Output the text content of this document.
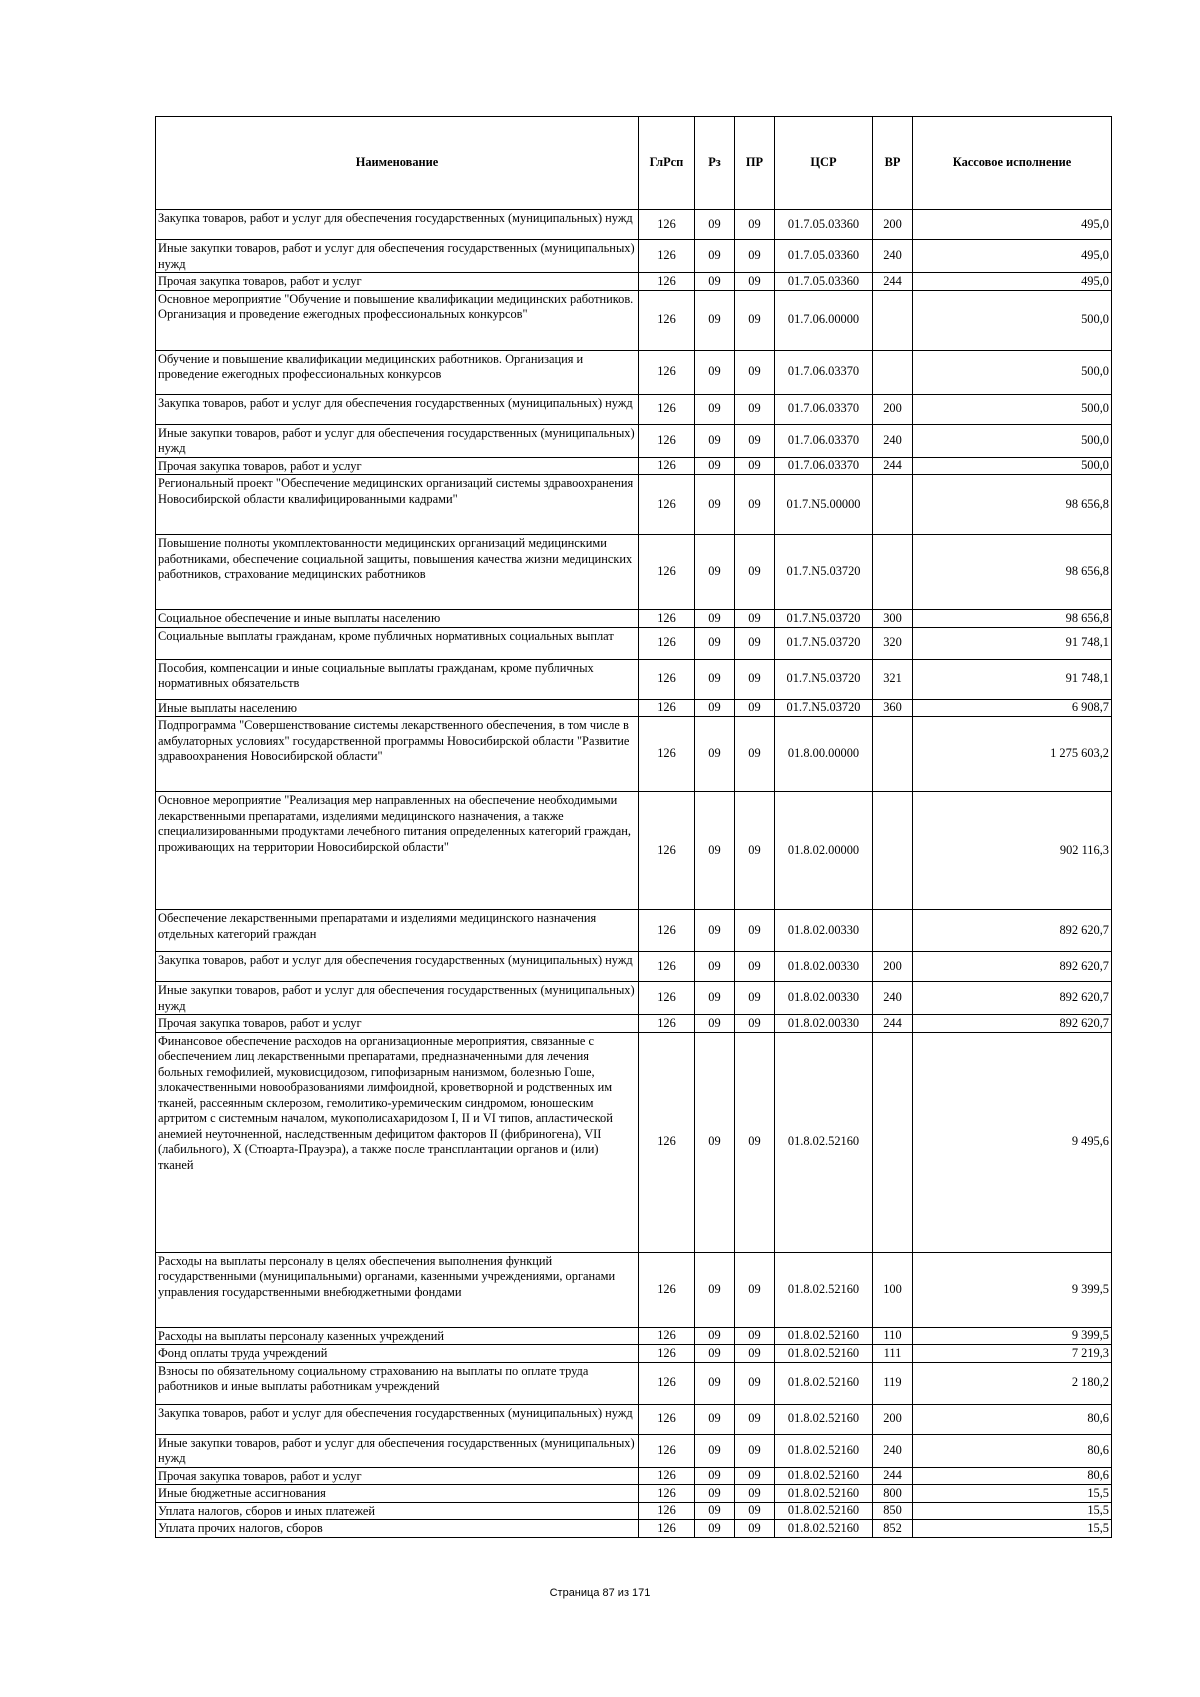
Наименование	ГлРсп	Рз	ПР	ЦСР	ВР	Кассовое исполнение
Закупка товаров, работ и услуг для обеспечения государственных (муниципальных) нужд	126	09	09	01.7.05.03360	200	495,0
Иные закупки товаров, работ и услуг для обеспечения государственных (муниципальных) нужд	126	09	09	01.7.05.03360	240	495,0
Прочая закупка товаров, работ и услуг	126	09	09	01.7.05.03360	244	495,0
Основное мероприятие "Обучение и повышение квалификации медицинских работников. Организация и проведение ежегодных профессиональных конкурсов"	126	09	09	01.7.06.00000		500,0
Обучение и повышение квалификации медицинских работников. Организация и проведение ежегодных профессиональных конкурсов	126	09	09	01.7.06.03370		500,0
Закупка товаров, работ и услуг для обеспечения государственных (муниципальных) нужд	126	09	09	01.7.06.03370	200	500,0
Иные закупки товаров, работ и услуг для обеспечения государственных (муниципальных) нужд	126	09	09	01.7.06.03370	240	500,0
Прочая закупка товаров, работ и услуг	126	09	09	01.7.06.03370	244	500,0
Региональный проект "Обеспечение медицинских организаций системы здравоохранения Новосибирской области квалифицированными кадрами"	126	09	09	01.7.N5.00000		98 656,8
Повышение полноты укомплектованности медицинских организаций медицинскими работниками, обеспечение социальной защиты, повышения качества жизни медицинских работников, страхование медицинских работников	126	09	09	01.7.N5.03720		98 656,8
Социальное обеспечение и иные выплаты населению	126	09	09	01.7.N5.03720	300	98 656,8
Социальные выплаты гражданам, кроме публичных нормативных социальных выплат	126	09	09	01.7.N5.03720	320	91 748,1
Пособия, компенсации и иные социальные выплаты гражданам, кроме публичных нормативных обязательств	126	09	09	01.7.N5.03720	321	91 748,1
Иные выплаты населению	126	09	09	01.7.N5.03720	360	6 908,7
Подпрограмма "Совершенствование системы лекарственного обеспечения, в том числе в амбулаторных условиях" государственной программы Новосибирской области "Развитие здравоохранения Новосибирской области"	126	09	09	01.8.00.00000		1 275 603,2
Основное мероприятие "Реализация мер направленных на обеспечение необходимыми лекарственными препаратами, изделиями медицинского назначения, а также специализированными продуктами лечебного питания определенных категорий граждан, проживающих на территории Новосибирской области"	126	09	09	01.8.02.00000		902 116,3
Обеспечение лекарственными препаратами и изделиями медицинского назначения отдельных категорий граждан	126	09	09	01.8.02.00330		892 620,7
Закупка товаров, работ и услуг для обеспечения государственных (муниципальных) нужд	126	09	09	01.8.02.00330	200	892 620,7
Иные закупки товаров, работ и услуг для обеспечения государственных (муниципальных) нужд	126	09	09	01.8.02.00330	240	892 620,7
Прочая закупка товаров, работ и услуг	126	09	09	01.8.02.00330	244	892 620,7
Финансовое обеспечение расходов на организационные мероприятия, связанные с обеспечением лиц лекарственными препаратами, предназначенными для лечения больных гемофилией, муковисцидозом, гипофизарным нанизмом, болезнью Гоше, злокачественными новообразованиями лимфоидной, кроветворной и родственных им тканей, рассеянным склерозом, гемолитико-уремическим синдромом, юношеским артритом с системным началом, мукополисахаридозом I, II и VI типов, апластической анемией неуточненной, наследственным дефицитом факторов II (фибриногена), VII (лабильного), X (Стюарта-Прауэра), а также после трансплантации органов и (или) тканей	126	09	09	01.8.02.52160		9 495,6
Расходы на выплаты персоналу в целях обеспечения выполнения функций государственными (муниципальными) органами, казенными учреждениями, органами управления государственными внебюджетными фондами	126	09	09	01.8.02.52160	100	9 399,5
Расходы на выплаты персоналу казенных учреждений	126	09	09	01.8.02.52160	110	9 399,5
Фонд оплаты труда учреждений	126	09	09	01.8.02.52160	111	7 219,3
Взносы по обязательному социальному страхованию на выплаты по оплате труда работников и иные выплаты работникам учреждений	126	09	09	01.8.02.52160	119	2 180,2
Закупка товаров, работ и услуг для обеспечения государственных (муниципальных) нужд	126	09	09	01.8.02.52160	200	80,6
Иные закупки товаров, работ и услуг для обеспечения государственных (муниципальных) нужд	126	09	09	01.8.02.52160	240	80,6
Прочая закупка товаров, работ и услуг	126	09	09	01.8.02.52160	244	80,6
Иные бюджетные ассигнования	126	09	09	01.8.02.52160	800	15,5
Уплата налогов, сборов и иных платежей	126	09	09	01.8.02.52160	850	15,5
Уплата прочих налогов, сборов	126	09	09	01.8.02.52160	852	15,5
Страница 87 из 171
